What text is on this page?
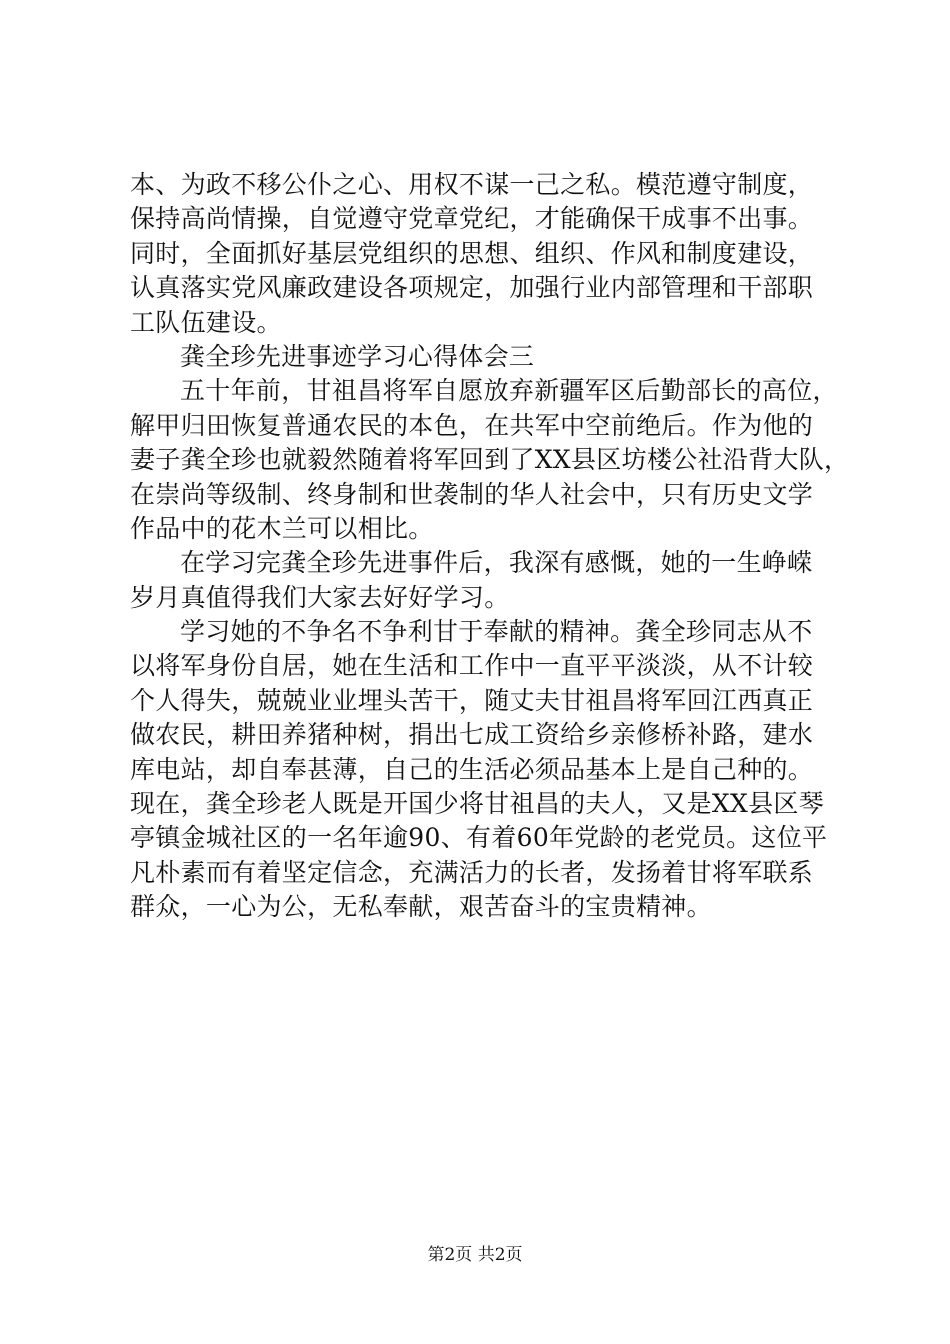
本、为政不移公仆之心、用权不谋一己之私。模范遵守制度，
保持高尚情操，自觉遵守党章党纪，才能确保干成事不出事。
同时，全面抓好基层党组织的思想、组织、作风和制度建设，
认真落实党风廉政建设各项规定，加强行业内部管理和干部职
工队伍建设。
龚全珍先进事迹学习心得体会三
五十年前，甘祖昌将军自愿放弃新疆军区后勤部长的高位，
解甲归田恢复普通农民的本色，在共军中空前绝后。作为他的
妻子龚全珍也就毅然随着将军回到了XX县区坊楼公社沿背大队，
在崇尚等级制、终身制和世袭制的华人社会中，只有历史文学
作品中的花木兰可以相比。
在学习完龚全珍先进事件后，我深有感慨，她的一生峥嵘
岁月真值得我们大家去好好学习。
学习她的不争名不争利甘于奉献的精神。龚全珍同志从不
以将军身份自居，她在生活和工作中一直平平淡淡，从不计较
个人得失，兢兢业业埋头苦干，随丈夫甘祖昌将军回江西真正
做农民，耕田养猪种树，捐出七成工资给乡亲修桥补路，建水
库电站，却自奉甚薄，自己的生活必须品基本上是自己种的。
现在，龚全珍老人既是开国少将甘祖昌的夫人，又是XX县区琴
亭镇金城社区的一名年逾90、有着60年党龄的老党员。这位平
凡朴素而有着坚定信念，充满活力的长者，发扬着甘将军联系
群众，一心为公，无私奉献，艰苦奋斗的宝贵精神。
第2页 共2页
